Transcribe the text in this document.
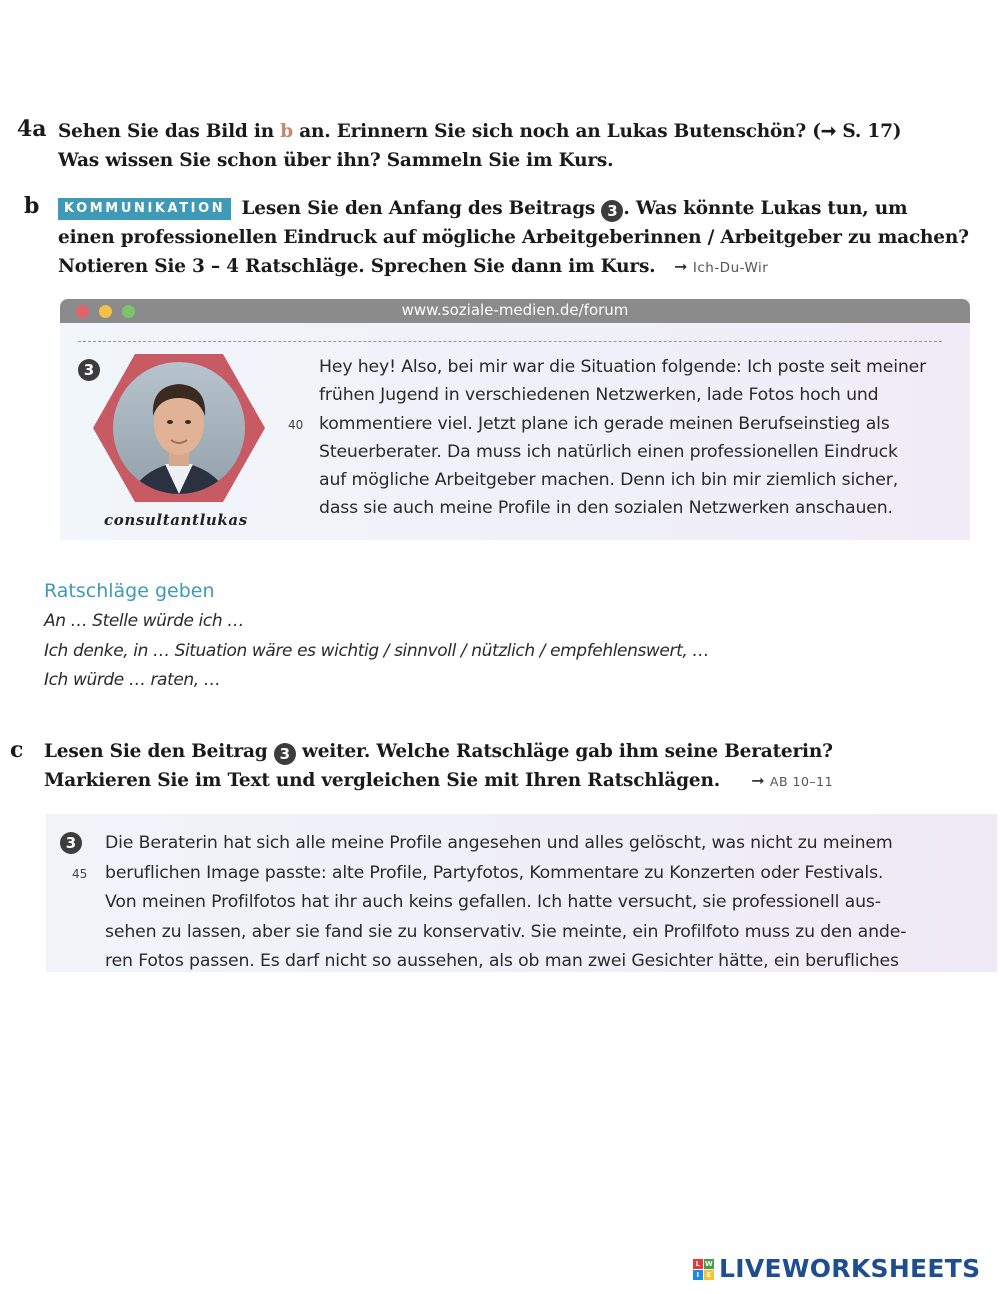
4a Sehen Sie das Bild in b an. Erinnern Sie sich noch an Lukas Butenschön? (➞ S. 17)
Was wissen Sie schon über ihn? Sammeln Sie im Kurs.
b	KOMMUNIKATION Lesen Sie den Anfang des Beitrags 3 . Was könnte Lukas tun, um
einen professionellen Eindruck auf mögliche Arbeitgeberinnen / Arbeitgeber zu machen?
Notieren Sie 3 – 4 Ratschläge. Sprechen Sie dann im Kurs. ➞ Ich-Du-Wir
www.soziale-medien.de/forum
3
consultantlukas
40
Hey hey! Also, bei mir war die Situation folgende: Ich poste seit meiner
frühen Jugend in verschiedenen Netzwerken, lade Fotos hoch und
kommentiere viel. Jetzt plane ich gerade meinen Berufseinstieg als
Steuerberater. Da muss ich natürlich einen professionellen Eindruck
auf mögliche Arbeitgeber machen. Denn ich bin mir ziemlich sicher,
dass sie auch meine Profile in den sozialen Netzwerken anschauen.
Ratschläge geben
An … Stelle würde ich …
Ich denke, in … Situation wäre es wichtig / sinnvoll / nützlich / empfehlenswert, …
Ich würde … raten, …
c Lesen Sie den Beitrag 3 weiter. Welche Ratschläge gab ihm seine Beraterin?
Markieren Sie im Text und vergleichen Sie mit Ihren Ratschlägen. ➞ AB 10–11
3
45
Die Beraterin hat sich alle meine Profile angesehen und alles gelöscht, was nicht zu meinem
beruflichen Image passte: alte Profile, Partyfotos, Kommentare zu Konzerten oder Festivals.
Von meinen Profilfotos hat ihr auch keins gefallen. Ich hatte versucht, sie professionell aus-
sehen zu lassen, aber sie fand sie zu konservativ. Sie meinte, ein Profilfoto muss zu den ande-
ren Fotos passen. Es darf nicht so aussehen, als ob man zwei Gesichter hätte, ein berufliches
L W
I	E LIVEWORKSHEETS
